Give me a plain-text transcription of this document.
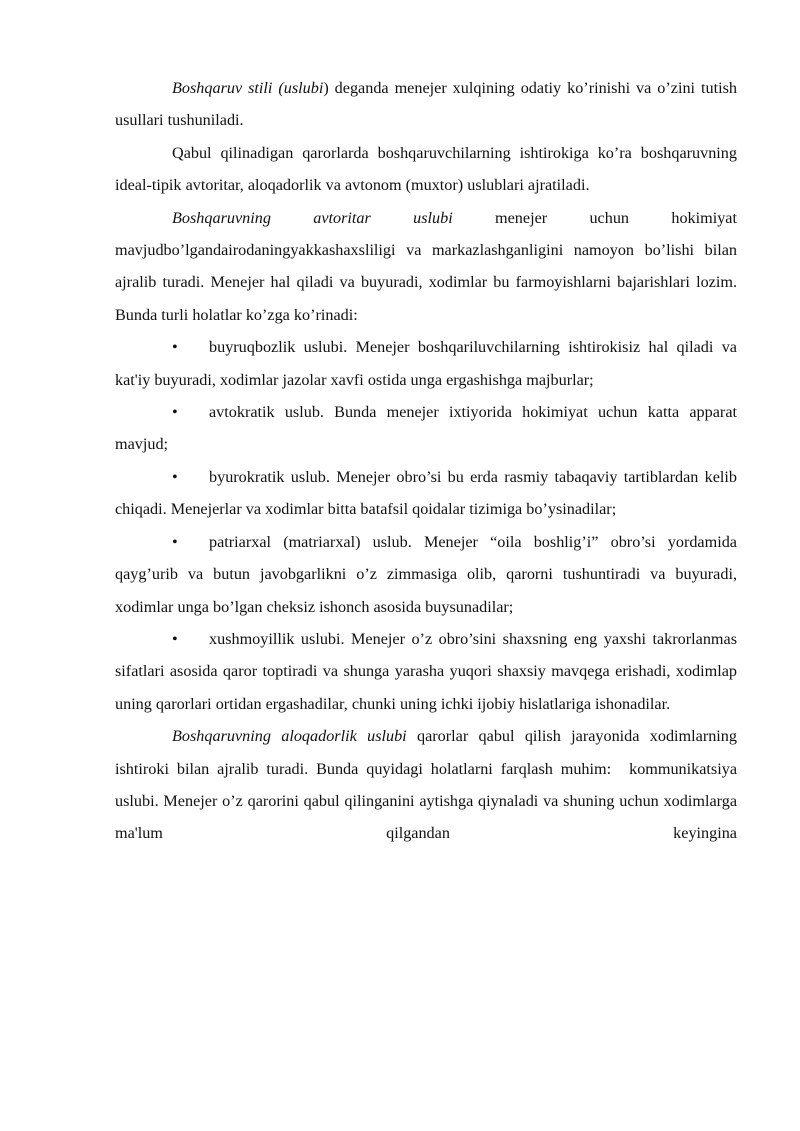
Boshqaruv stili (uslubi) deganda menejer xulqining odatiy ko’rinishi va o’zini tutish usullari tushuniladi.

Qabul qilinadigan qarorlarda boshqaruvchilarning ishtirokiga ko’ra boshqaruvning ideal-tipik avtoritar, aloqadorlik va avtonom (muxtor) uslublari ajratiladi.

Boshqaruvning avtoritar uslubi menejer uchun hokimiyat mavjudbo’lgandairodaningyakkashaxsliligi va markazlashganligini namoyon bo’lishi bilan ajralib turadi. Menejer hal qiladi va buyuradi, xodimlar bu farmoyishlarni bajarishlari lozim. Bunda turli holatlar ko’zga ko’rinadi:

• buyruqbozlik uslubi. Menejer boshqariluvchilarning ishtirokisiz hal qiladi va kat'iy buyuradi, xodimlar jazolar xavfi ostida unga ergashishga majburlar;

• avtokratik uslub. Bunda menejer ixtiyorida hokimiyat uchun katta apparat mavjud;

• byurokratik uslub. Menejer obro’si bu erda rasmiy tabaqaviy tartiblardan kelib chiqadi. Menejerlar va xodimlar bitta batafsil qoidalar tizimiga bo’ysinadilar;

• patriarxal (matriarxal) uslub. Menejer “oila boshlig’i” obro’si yordamida qayg’urib va butun javobgarlikni o’z zimmasiga olib, qarorni tushuntiradi va buyuradi, xodimlar unga bo’lgan cheksiz ishonch asosida buysunadilar;

• xushmoyillik uslubi. Menejer o’z obro’sini shaxsning eng yaxshi takrorlanmas sifatlari asosida qaror toptiradi va shunga yarasha yuqori shaxsiy mavqega erishadi, xodimlap uning qarorlari ortidan ergashadilar, chunki uning ichki ijobiy hislatlariga ishonadilar.

Boshqaruvning aloqadorlik uslubi qarorlar qabul qilish jarayonida xodimlarning ishtiroki bilan ajralib turadi. Bunda quyidagi holatlarni farqlash muhim: kommunikatsiya uslubi. Menejer o’z qarorini qabul qilinganini aytishga qiynaladi va shuning uchun xodimlarga ma'lum qilgandan keyingina
